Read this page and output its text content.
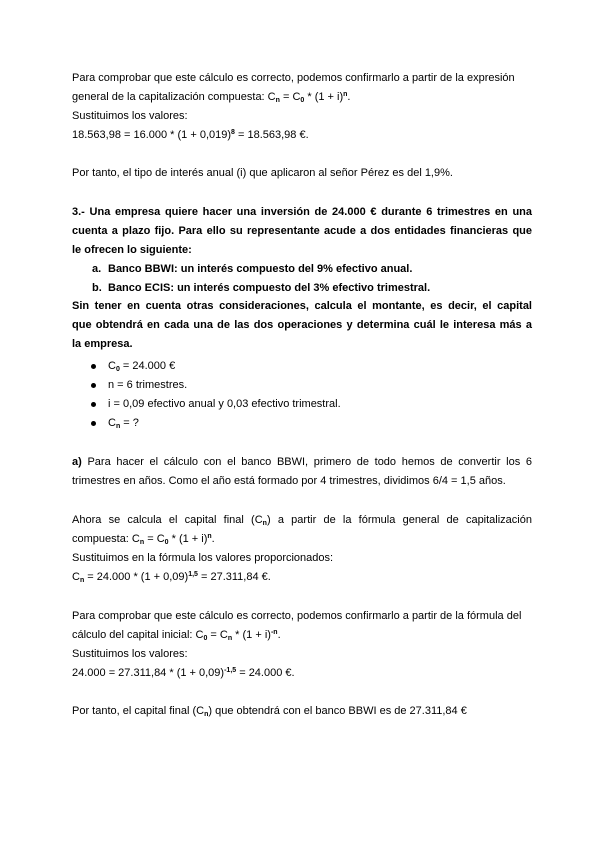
Para comprobar que este cálculo es correcto, podemos confirmarlo a partir de la expresión
general de la capitalización compuesta: $C_n = C_0 * (1 + i)^n$.
Sustituimos los valores:
$18.563,98 = 16.000 * (1 + 0,019)^8 = 18.563,98$ €.
Por tanto, el tipo de interés anual (i) que aplicaron al señor Pérez es del 1,9%.
3.- Una empresa quiere hacer una inversión de 24.000 € durante 6 trimestres en una
cuenta a plazo fijo. Para ello su representante acude a dos entidades financieras que
le ofrecen lo siguiente:
a. Banco BBWI: un interés compuesto del 9% efectivo anual.
b. Banco ECIS: un interés compuesto del 3% efectivo trimestral.
Sin tener en cuenta otras consideraciones, calcula el montante, es decir, el capital
que obtendrá en cada una de las dos operaciones y determina cuál le interesa más a
la empresa.
$C_0 = 24.000$ €
n = 6 trimestres.
i = 0,09 efectivo anual y 0,03 efectivo trimestral.
$C_n$ = ?
a) Para hacer el cálculo con el banco BBWI, primero de todo hemos de convertir los 6
trimestres en años. Como el año está formado por 4 trimestres, dividimos 6/4 = 1,5 años.
Ahora se calcula el capital final $(C_n)$ a partir de la fórmula general de capitalización
compuesta: $C_n = C_0 * (1 + i)^n$.
Sustituimos en la fórmula los valores proporcionados:
$C_n = 24.000 * (1 + 0,09)^{1,5} = 27.311,84$ €.
Para comprobar que este cálculo es correcto, podemos confirmarlo a partir de la fórmula del
cálculo del capital inicial: $C_0 = C_n * (1 + i)^{-n}$.
Sustituimos los valores:
$24.000 = 27.311,84 * (1 + 0,09)^{-1,5} = 24.000$ €.
Por tanto, el capital final $(C_n)$ que obtendrá con el banco BBWI es de 27.311,84 €
